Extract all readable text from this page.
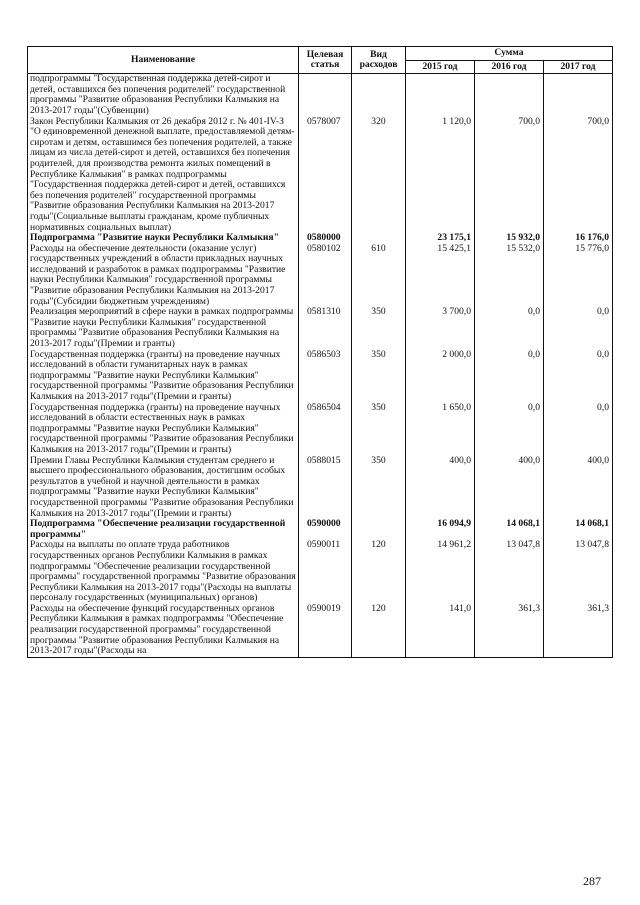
Наименование	Целевая статья	Вид расходов	Сумма		
			2015 год	2016 год	2017 год
подпрограммы "Государственная поддержка детей-сирот и детей, оставшихся без попечения родителей" государственной программы "Развитие образования Республики Калмыкия на 2013-2017 годы"(Субвенции)					
Закон Республики Калмыкия от 26 декабря 2012 г. № 401-IV-З "О единовременной денежной выплате, предоставляемой детям-сиротам и детям, оставшимся без попечения родителей, а также лицам из числа детей-сирот и детей, оставшихся без попечения родителей, для производства ремонта жилых помещений в Республике Калмыкия" в рамках подпрограммы "Государственная поддержка детей-сирот и детей, оставшихся без попечения родителей" государственной программы "Развитие образования Республики Калмыкия на 2013-2017 годы"(Социальные выплаты гражданам, кроме публичных нормативных социальных выплат)	0578007	320	1 120,0	700,0	700,0
Подпрограмма "Развитие науки Республики Калмыкия"	0580000		23 175,1	15 932,0	16 176,0
Расходы на обеспечение деятельности (оказание услуг) государственных учреждений в области прикладных научных исследований и разработок в рамках подпрограммы "Развитие науки Республики Калмыкия" государственной программы "Развитие образования Республики Калмыкия на 2013-2017 годы"(Субсидии бюджетным учреждениям)	0580102	610	15 425,1	15 532,0	15 776,0
Реализация мероприятий в сфере науки в рамках подпрограммы "Развитие науки Республики Калмыкия" государственной программы "Развитие образования Республики Калмыкия на 2013-2017 годы"(Премии и гранты)	0581310	350	3 700,0	0,0	0,0
Государственная поддержка (гранты) на проведение научных исследований в области гуманитарных наук в рамках подпрограммы "Развитие науки Республики Калмыкия" государственной программы "Развитие образования Республики Калмыкия на 2013-2017 годы"(Премии и гранты)	0586503	350	2 000,0	0,0	0,0
Государственная поддержка (гранты) на проведение научных исследований в области естественных наук в рамках подпрограммы "Развитие науки Республики Калмыкия" государственной программы "Развитие образования Республики Калмыкия на 2013-2017 годы"(Премии и гранты)	0586504	350	1 650,0	0,0	0,0
Премии Главы Республики Калмыкия студентам среднего и высшего профессионального образования, достигшим особых результатов в учебной и научной деятельности в рамках подпрограммы "Развитие науки Республики Калмыкия" государственной программы "Развитие образования Республики Калмыкия на 2013-2017 годы"(Премии и гранты)	0588015	350	400,0	400,0	400,0
Подпрограмма "Обеспечение реализации государственной программы"	0590000		16 094,9	14 068,1	14 068,1
Расходы на выплаты по оплате труда работников государственных органов Республики Калмыкия в рамках подпрограммы "Обеспечение реализации государственной программы" государственной программы "Развитие образования Республики Калмыкия на 2013-2017 годы"(Расходы на выплаты персоналу государственных (муниципальных) органов)	0590011	120	14 961,2	13 047,8	13 047,8
Расходы на обеспечение функций государственных органов Республики Калмыкия в рамках подпрограммы "Обеспечение реализации государственной программы" государственной программы "Развитие образования Республики Калмыкия на 2013-2017 годы"(Расходы на	0590019	120	141,0	361,3	361,3
287
